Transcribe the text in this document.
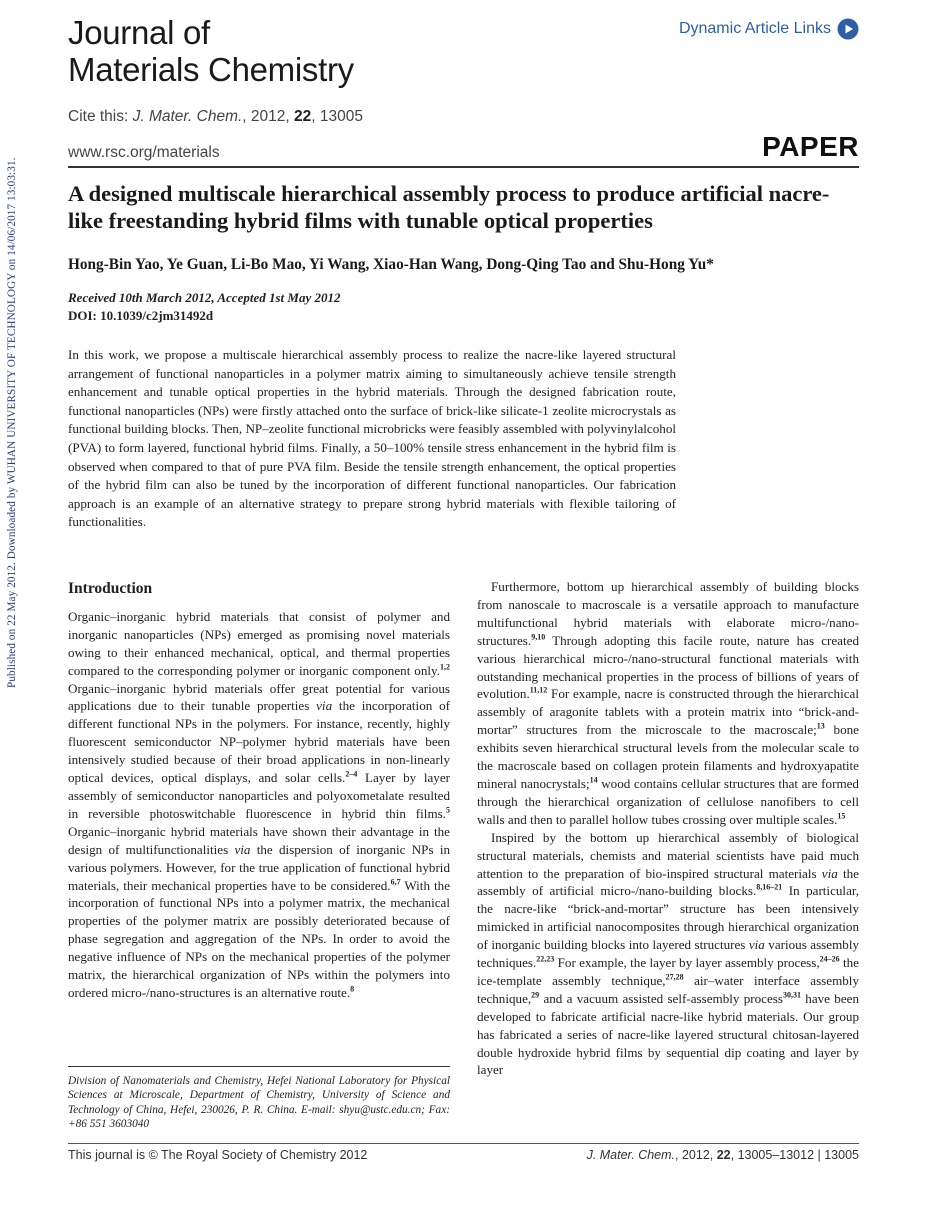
Published on 22 May 2012. Downloaded by WUHAN UNIVERSITY OF TECHNOLOGY on 14/06/2017 13:03:31.
Journal of
Materials Chemistry
Dynamic Article Links
Cite this: J. Mater. Chem., 2012, 22, 13005
www.rsc.org/materials	PAPER
A designed multiscale hierarchical assembly process to produce artificial nacre-like freestanding hybrid films with tunable optical properties
Hong-Bin Yao, Ye Guan, Li-Bo Mao, Yi Wang, Xiao-Han Wang, Dong-Qing Tao and Shu-Hong Yu*
Received 10th March 2012, Accepted 1st May 2012
DOI: 10.1039/c2jm31492d
In this work, we propose a multiscale hierarchical assembly process to realize the nacre-like layered structural arrangement of functional nanoparticles in a polymer matrix aiming to simultaneously achieve tensile strength enhancement and tunable optical properties in the hybrid materials. Through the designed fabrication route, functional nanoparticles (NPs) were firstly attached onto the surface of brick-like silicate-1 zeolite microcrystals as functional building blocks. Then, NP–zeolite functional microbricks were feasibly assembled with polyvinylalcohol (PVA) to form layered, functional hybrid films. Finally, a 50–100% tensile stress enhancement in the hybrid film is observed when compared to that of pure PVA film. Beside the tensile strength enhancement, the optical properties of the hybrid film can also be tuned by the incorporation of different functional nanoparticles. Our fabrication approach is an example of an alternative strategy to prepare strong hybrid materials with flexible tailoring of functionalities.
Introduction

Organic–inorganic hybrid materials that consist of polymer and inorganic nanoparticles (NPs) emerged as promising novel materials owing to their enhanced mechanical, optical, and thermal properties compared to the corresponding polymer or inorganic component only.$^{1,2}$ Organic–inorganic hybrid materials offer great potential for various applications due to their tunable properties via the incorporation of different functional NPs in the polymers. For instance, recently, highly fluorescent semiconductor NP–polymer hybrid materials have been intensively studied because of their broad applications in non-linearly optical devices, optical displays, and solar cells.$^{2-4}$ Layer by layer assembly of semiconductor nanoparticles and polyoxometalate resulted in reversible photoswitchable fluorescence in hybrid thin films.$^5$ Organic–inorganic hybrid materials have shown their advantage in the design of multifunctionalities via the dispersion of inorganic NPs in various polymers. However, for the true application of functional hybrid materials, their mechanical properties have to be considered.$^{6,7}$ With the incorporation of functional NPs into a polymer matrix, the mechanical properties of the polymer matrix are possibly deteriorated because of phase segregation and aggregation of the NPs. In order to avoid the negative influence of NPs on the mechanical properties of the polymer matrix, the hierarchical organization of NPs within the polymers into ordered micro-/nano-structures is an alternative route.$^8$

Division of Nanomaterials and Chemistry, Hefei National Laboratory for Physical Sciences at Microscale, Department of Chemistry, University of Science and Technology of China, Hefei, 230026, P. R. China. E-mail: shyu@ustc.edu.cn; Fax: +86 551 3603040

Furthermore, bottom up hierarchical assembly of building blocks from nanoscale to macroscale is a versatile approach to manufacture multifunctional hybrid materials with elaborate micro-/nano-structures.$^{9,10}$ Through adopting this facile route, nature has created various hierarchical micro-/nano-structural functional materials with outstanding mechanical properties in the process of billions of years of evolution.$^{11,12}$ For example, nacre is constructed through the hierarchical assembly of aragonite tablets with a protein matrix into “brick-and-mortar” structures from the microscale to the macroscale;$^{13}$ bone exhibits seven hierarchical structural levels from the molecular scale to the macroscale based on collagen protein filaments and hydroxyapatite mineral nanocrystals;$^{14}$ wood contains cellular structures that are formed through the hierarchical organization of cellulose nanofibers to cell walls and then to parallel hollow tubes crossing over multiple scales.$^{15}$

Inspired by the bottom up hierarchical assembly of biological structural materials, chemists and material scientists have paid much attention to the preparation of bio-inspired structural materials via the assembly of artificial micro-/nano-building blocks.$^{8,16-21}$ In particular, the nacre-like “brick-and-mortar” structure has been intensively mimicked in artificial nanocomposites through hierarchical organization of inorganic building blocks into layered structures via various assembly techniques.$^{22,23}$ For example, the layer by layer assembly process,$^{24-26}$ the ice-template assembly technique,$^{27,28}$ air–water interface assembly technique,$^{29}$ and a vacuum assisted self-assembly process$^{30,31}$ have been developed to fabricate artificial nacre-like hybrid materials. Our group has fabricated a series of nacre-like layered structural chitosan-layered double hydroxide hybrid films by sequential dip coating and layer by layer

This journal is © The Royal Society of Chemistry 2012	J. Mater. Chem., 2012, 22, 13005–13012 | 13005
